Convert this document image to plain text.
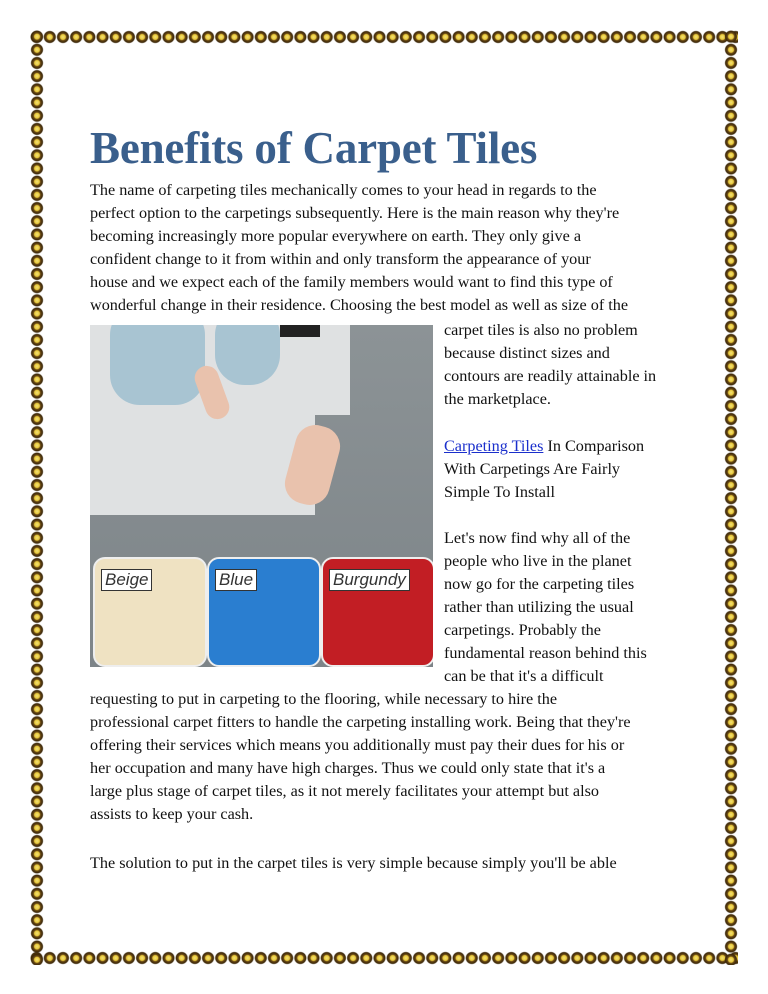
Benefits of Carpet Tiles
The name of carpeting tiles mechanically comes to your head in regards to the
perfect option to the carpetings subsequently. Here is the main reason why they're
becoming increasingly more popular everywhere on earth. They only give a
confident change to it from within and only transform the appearance of your
house and we expect each of the family members would want to find this type of
wonderful change in their residence. Choosing the best model as well as size of the
Beige	Blue	Burgundy
carpet tiles is also no problem
because distinct sizes and
contours are readily attainable in
the marketplace.
With Carpetings Are Fairly
Simple To Install
Let's now find why all of the
people who live in the planet
now go for the carpeting tiles
rather than utilizing the usual
carpetings. Probably the
fundamental reason behind this
can be that it's a difficult
Carpeting Tiles In Comparison
requesting to put in carpeting to the flooring, while necessary to hire the
professional carpet fitters to handle the carpeting installing work. Being that they're
offering their services which means you additionally must pay their dues for his or
her occupation and many have high charges. Thus we could only state that it's a
large plus stage of carpet tiles, as it not merely facilitates your attempt but also
assists to keep your cash.
The solution to put in the carpet tiles is very simple because simply you'll be able
